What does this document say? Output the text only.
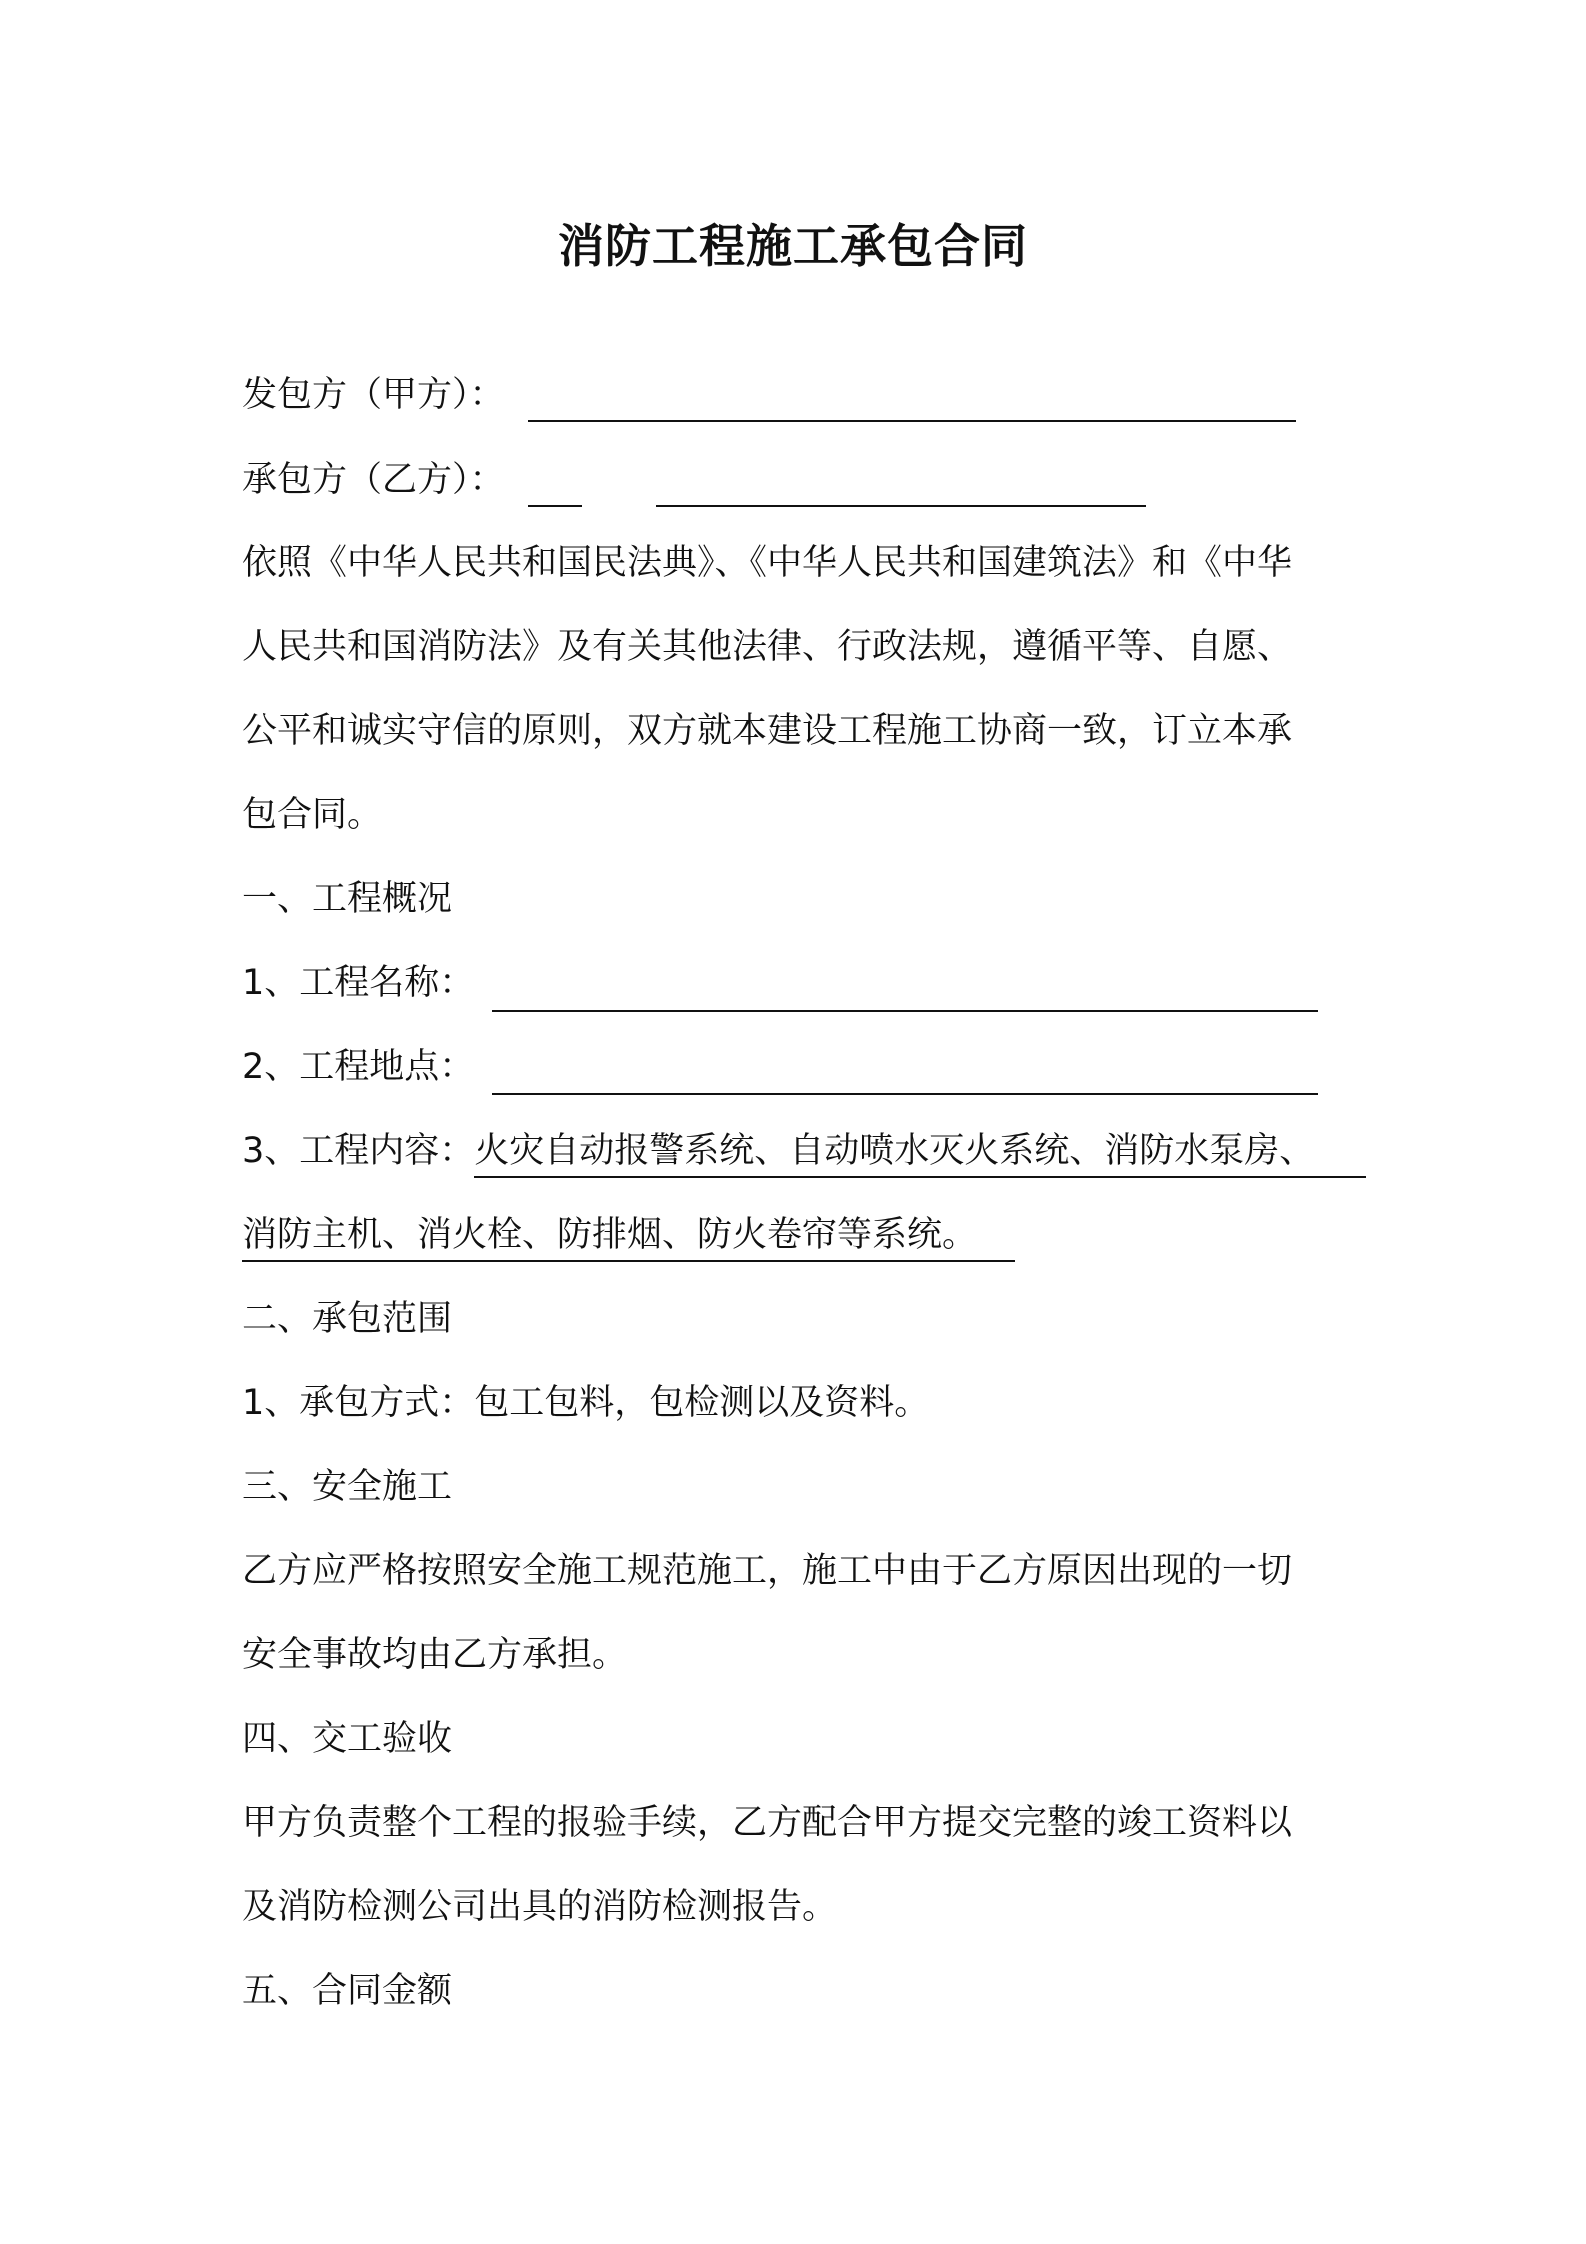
消防工程施工承包合同
发包方（甲方）：
承包方（乙方）：
依照《中华人民共和国民法典》、《中华人民共和国建筑法》和《中华
人民共和国消防法》及有关其他法律、行政法规，遵循平等、自愿、
公平和诚实守信的原则，双方就本建设工程施工协商一致，订立本承
包合同。
一、工程概况
1、工程名称：
2、工程地点：
3、工程内容：火灾自动报警系统、自动喷水灭火系统、消防水泵房、
消防主机、消火栓、防排烟、防火卷帘等系统。
二、承包范围
1、承包方式：包工包料，包检测以及资料。
三、安全施工
乙方应严格按照安全施工规范施工，施工中由于乙方原因出现的一切
安全事故均由乙方承担。
四、交工验收
甲方负责整个工程的报验手续，乙方配合甲方提交完整的竣工资料以
及消防检测公司出具的消防检测报告。
五、合同金额
